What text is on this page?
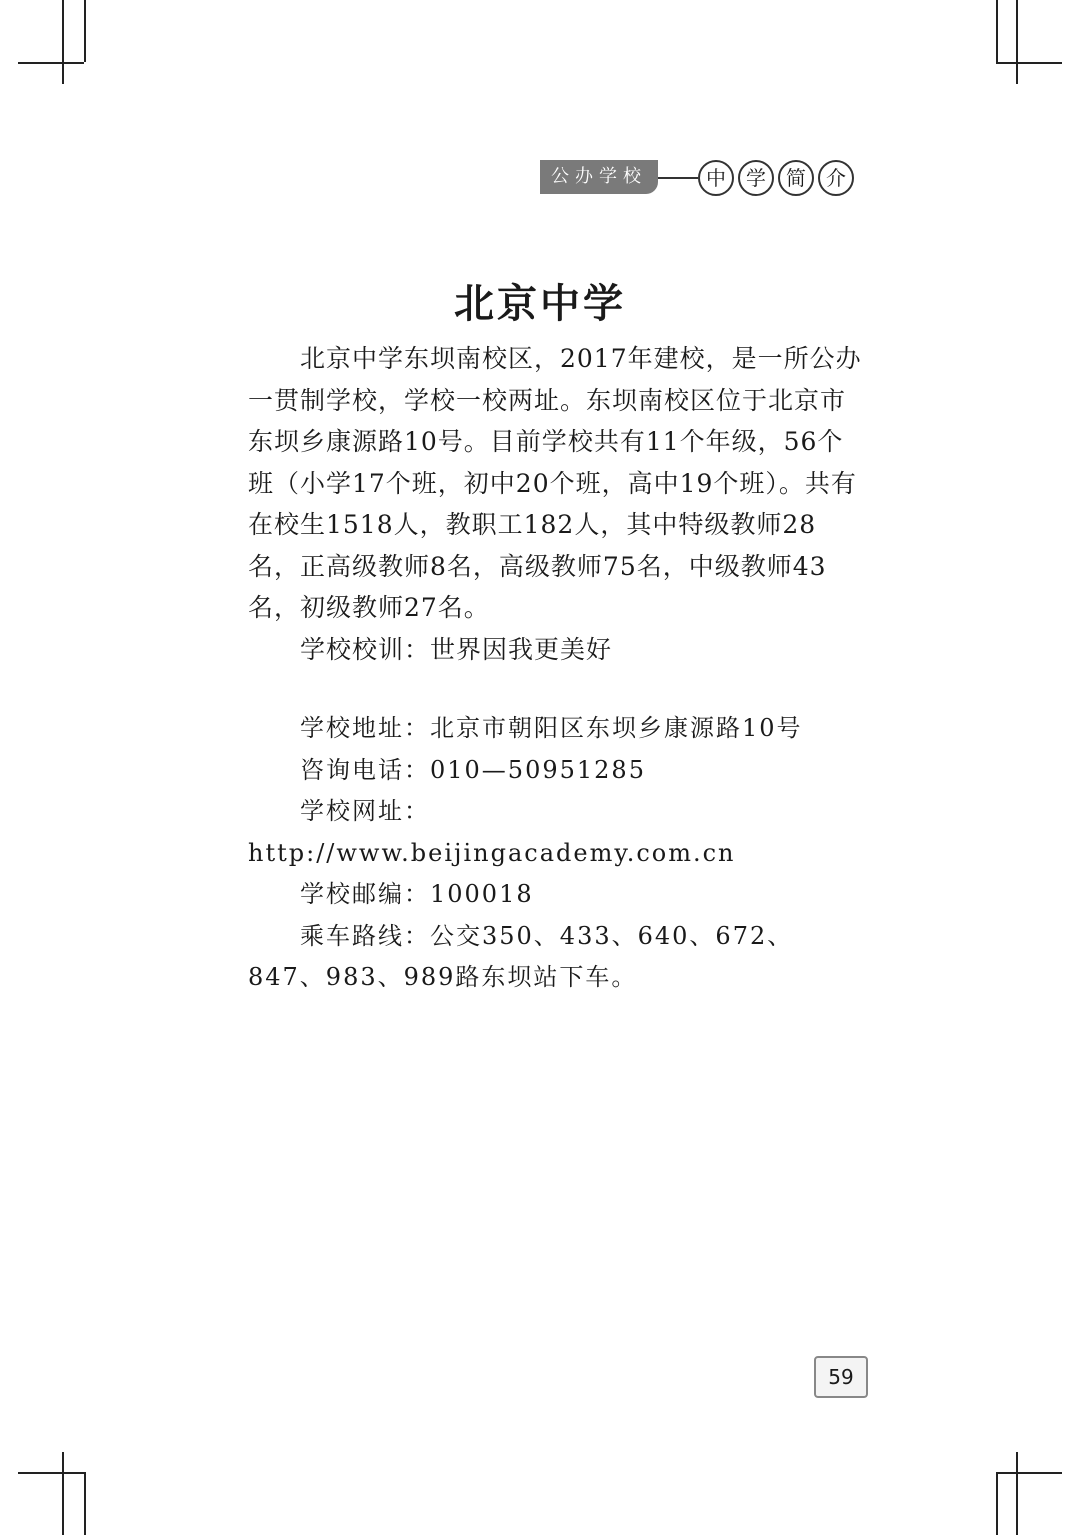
公办学校	中	学	简	介
北京中学

北京中学东坝南校区，2017年建校，是一所公办一贯制学校，学校一校两址。东坝南校区位于北京市东坝乡康源路10号。目前学校共有11个年级，56个班（小学17个班，初中20个班，高中19个班）。共有在校生1518人，教职工182人，其中特级教师28名，正高级教师8名，高级教师75名，中级教师43名，初级教师27名。

学校校训：世界因我更美好

学校地址：北京市朝阳区东坝乡康源路10号

咨询电话：010—50951285

学校网址：http://www.beijingacademy.com.cn

学校邮编：100018

乘车路线：公交350、433、640、672、847、983、989路东坝站下车。

59
